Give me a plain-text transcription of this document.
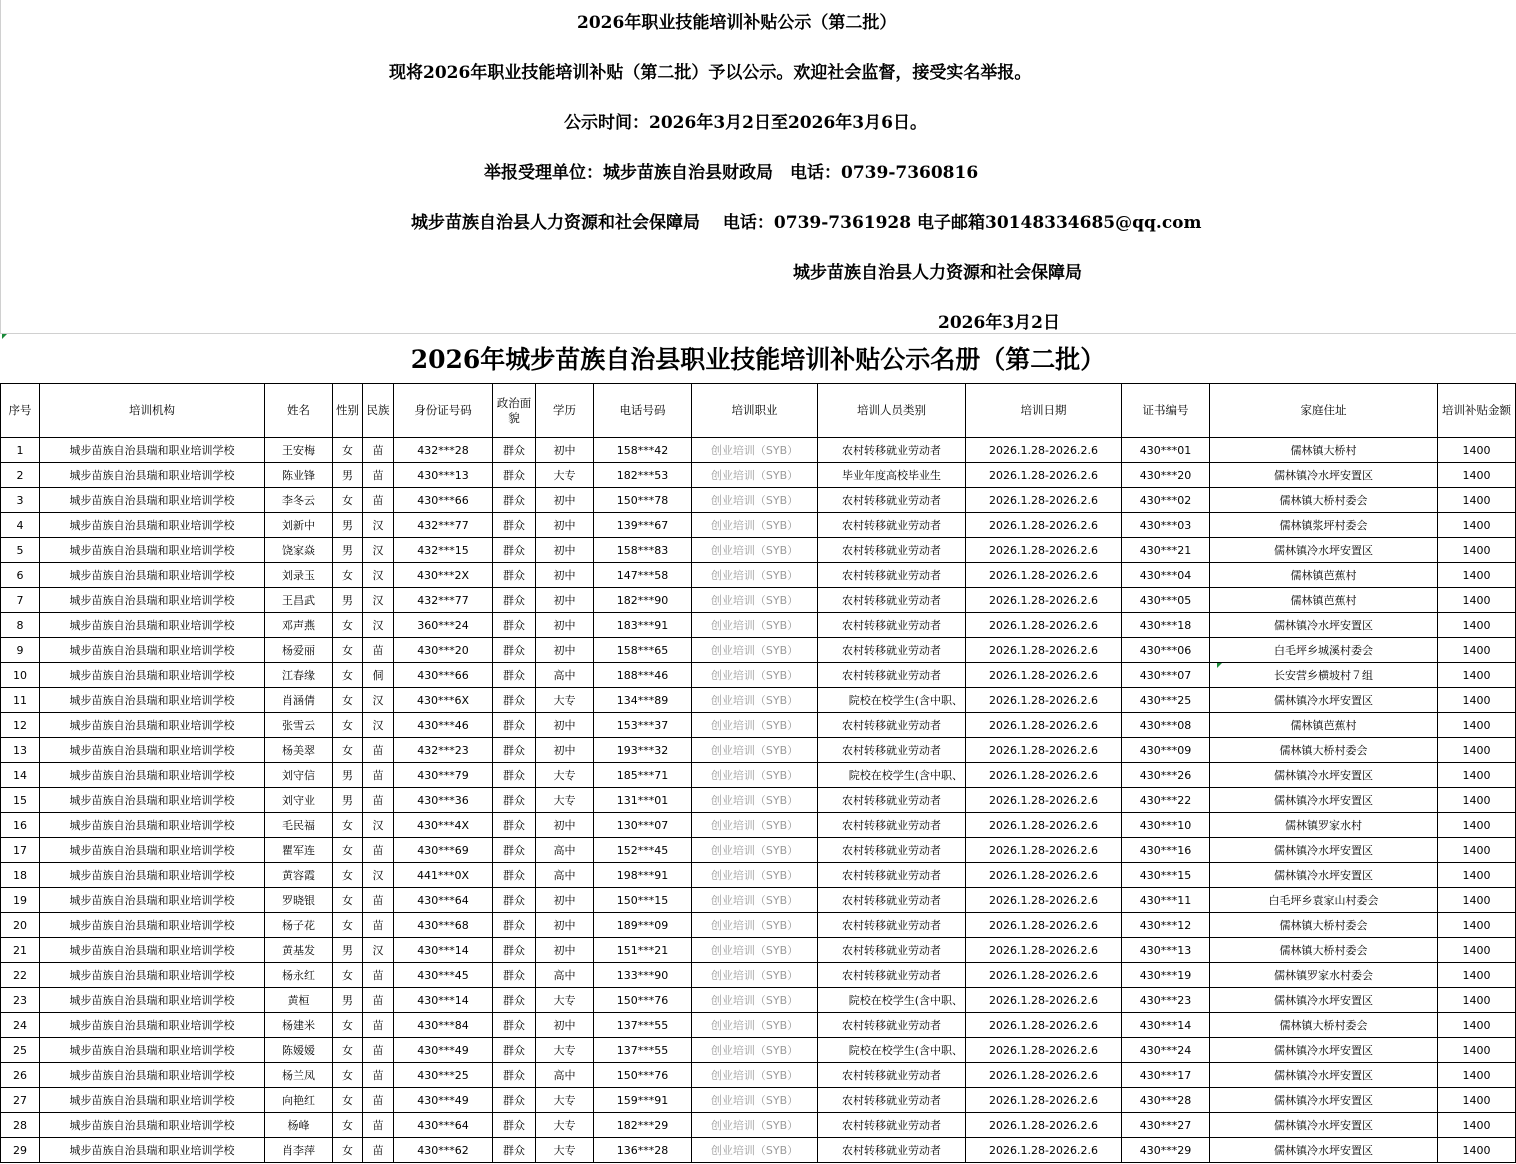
2026年职业技能培训补贴公示（第二批）
现将2026年职业技能培训补贴（第二批）予以公示。欢迎社会监督，接受实名举报。
公示时间：2026年3月2日至2026年3月6日。
举报受理单位：城步苗族自治县财政局　电话：0739-7360816
城步苗族自治县人力资源和社会保障局　 电话：0739-7361928 电子邮箱30148334685@qq.com
城步苗族自治县人力资源和社会保障局
2026年3月2日
2026年城步苗族自治县职业技能培训补贴公示名册（第二批）
序号	培训机构	姓名	性别	民族	身份证号码	政治面貌	学历	电话号码	培训职业	培训人员类别	培训日期	证书编号	家庭住址	培训补贴金额
1	城步苗族自治县瑞和职业培训学校	王安梅	女	苗	432***28	群众	初中	158***42	创业培训（SYB）	农村转移就业劳动者	2026.1.28-2026.2.6	430***01	儒林镇大桥村	1400
2	城步苗族自治县瑞和职业培训学校	陈业锋	男	苗	430***13	群众	大专	182***53	创业培训（SYB）	毕业年度高校毕业生	2026.1.28-2026.2.6	430***20	儒林镇冷水坪安置区	1400
3	城步苗族自治县瑞和职业培训学校	李冬云	女	苗	430***66	群众	初中	150***78	创业培训（SYB）	农村转移就业劳动者	2026.1.28-2026.2.6	430***02	儒林镇大桥村委会	1400
4	城步苗族自治县瑞和职业培训学校	刘新中	男	汉	432***77	群众	初中	139***67	创业培训（SYB）	农村转移就业劳动者	2026.1.28-2026.2.6	430***03	儒林镇浆坪村委会	1400
5	城步苗族自治县瑞和职业培训学校	饶家焱	男	汉	432***15	群众	初中	158***83	创业培训（SYB）	农村转移就业劳动者	2026.1.28-2026.2.6	430***21	儒林镇冷水坪安置区	1400
6	城步苗族自治县瑞和职业培训学校	刘录玉	女	汉	430***2X	群众	初中	147***58	创业培训（SYB）	农村转移就业劳动者	2026.1.28-2026.2.6	430***04	儒林镇芭蕉村	1400
7	城步苗族自治县瑞和职业培训学校	王昌武	男	汉	432***77	群众	初中	182***90	创业培训（SYB）	农村转移就业劳动者	2026.1.28-2026.2.6	430***05	儒林镇芭蕉村	1400
8	城步苗族自治县瑞和职业培训学校	邓声燕	女	汉	360***24	群众	初中	183***91	创业培训（SYB）	农村转移就业劳动者	2026.1.28-2026.2.6	430***18	儒林镇冷水坪安置区	1400
9	城步苗族自治县瑞和职业培训学校	杨爱丽	女	苗	430***20	群众	初中	158***65	创业培训（SYB）	农村转移就业劳动者	2026.1.28-2026.2.6	430***06	白毛坪乡城溪村委会	1400
10	城步苗族自治县瑞和职业培训学校	江春缘	女	侗	430***66	群众	高中	188***46	创业培训（SYB）	农村转移就业劳动者	2026.1.28-2026.2.6	430***07	长安营乡横坡村７组	1400
11	城步苗族自治县瑞和职业培训学校	肖涵倩	女	汉	430***6X	群众	大专	134***89	创业培训（SYB）	院校在校学生(含中职、	2026.1.28-2026.2.6	430***25	儒林镇冷水坪安置区	1400
12	城步苗族自治县瑞和职业培训学校	张雪云	女	汉	430***46	群众	初中	153***37	创业培训（SYB）	农村转移就业劳动者	2026.1.28-2026.2.6	430***08	儒林镇芭蕉村	1400
13	城步苗族自治县瑞和职业培训学校	杨美翠	女	苗	432***23	群众	初中	193***32	创业培训（SYB）	农村转移就业劳动者	2026.1.28-2026.2.6	430***09	儒林镇大桥村委会	1400
14	城步苗族自治县瑞和职业培训学校	刘守信	男	苗	430***79	群众	大专	185***71	创业培训（SYB）	院校在校学生(含中职、	2026.1.28-2026.2.6	430***26	儒林镇冷水坪安置区	1400
15	城步苗族自治县瑞和职业培训学校	刘守业	男	苗	430***36	群众	大专	131***01	创业培训（SYB）	农村转移就业劳动者	2026.1.28-2026.2.6	430***22	儒林镇冷水坪安置区	1400
16	城步苗族自治县瑞和职业培训学校	毛民福	女	汉	430***4X	群众	初中	130***07	创业培训（SYB）	农村转移就业劳动者	2026.1.28-2026.2.6	430***10	儒林镇罗家水村	1400
17	城步苗族自治县瑞和职业培训学校	瞿军连	女	苗	430***69	群众	高中	152***45	创业培训（SYB）	农村转移就业劳动者	2026.1.28-2026.2.6	430***16	儒林镇冷水坪安置区	1400
18	城步苗族自治县瑞和职业培训学校	黄容霞	女	汉	441***0X	群众	高中	198***91	创业培训（SYB）	农村转移就业劳动者	2026.1.28-2026.2.6	430***15	儒林镇冷水坪安置区	1400
19	城步苗族自治县瑞和职业培训学校	罗晓银	女	苗	430***64	群众	初中	150***15	创业培训（SYB）	农村转移就业劳动者	2026.1.28-2026.2.6	430***11	白毛坪乡袁家山村委会	1400
20	城步苗族自治县瑞和职业培训学校	杨子花	女	苗	430***68	群众	初中	189***09	创业培训（SYB）	农村转移就业劳动者	2026.1.28-2026.2.6	430***12	儒林镇大桥村委会	1400
21	城步苗族自治县瑞和职业培训学校	黄基发	男	汉	430***14	群众	初中	151***21	创业培训（SYB）	农村转移就业劳动者	2026.1.28-2026.2.6	430***13	儒林镇大桥村委会	1400
22	城步苗族自治县瑞和职业培训学校	杨永红	女	苗	430***45	群众	高中	133***90	创业培训（SYB）	农村转移就业劳动者	2026.1.28-2026.2.6	430***19	儒林镇罗家水村委会	1400
23	城步苗族自治县瑞和职业培训学校	黄桓	男	苗	430***14	群众	大专	150***76	创业培训（SYB）	院校在校学生(含中职、	2026.1.28-2026.2.6	430***23	儒林镇冷水坪安置区	1400
24	城步苗族自治县瑞和职业培训学校	杨建米	女	苗	430***84	群众	初中	137***55	创业培训（SYB）	农村转移就业劳动者	2026.1.28-2026.2.6	430***14	儒林镇大桥村委会	1400
25	城步苗族自治县瑞和职业培训学校	陈嫒嫒	女	苗	430***49	群众	大专	137***55	创业培训（SYB）	院校在校学生(含中职、	2026.1.28-2026.2.6	430***24	儒林镇冷水坪安置区	1400
26	城步苗族自治县瑞和职业培训学校	杨兰凤	女	苗	430***25	群众	高中	150***76	创业培训（SYB）	农村转移就业劳动者	2026.1.28-2026.2.6	430***17	儒林镇冷水坪安置区	1400
27	城步苗族自治县瑞和职业培训学校	向艳红	女	苗	430***49	群众	大专	159***91	创业培训（SYB）	农村转移就业劳动者	2026.1.28-2026.2.6	430***28	儒林镇冷水坪安置区	1400
28	城步苗族自治县瑞和职业培训学校	杨峰	女	苗	430***64	群众	大专	182***29	创业培训（SYB）	农村转移就业劳动者	2026.1.28-2026.2.6	430***27	儒林镇冷水坪安置区	1400
29	城步苗族自治县瑞和职业培训学校	肖李萍	女	苗	430***62	群众	大专	136***28	创业培训（SYB）	农村转移就业劳动者	2026.1.28-2026.2.6	430***29	儒林镇冷水坪安置区	1400
